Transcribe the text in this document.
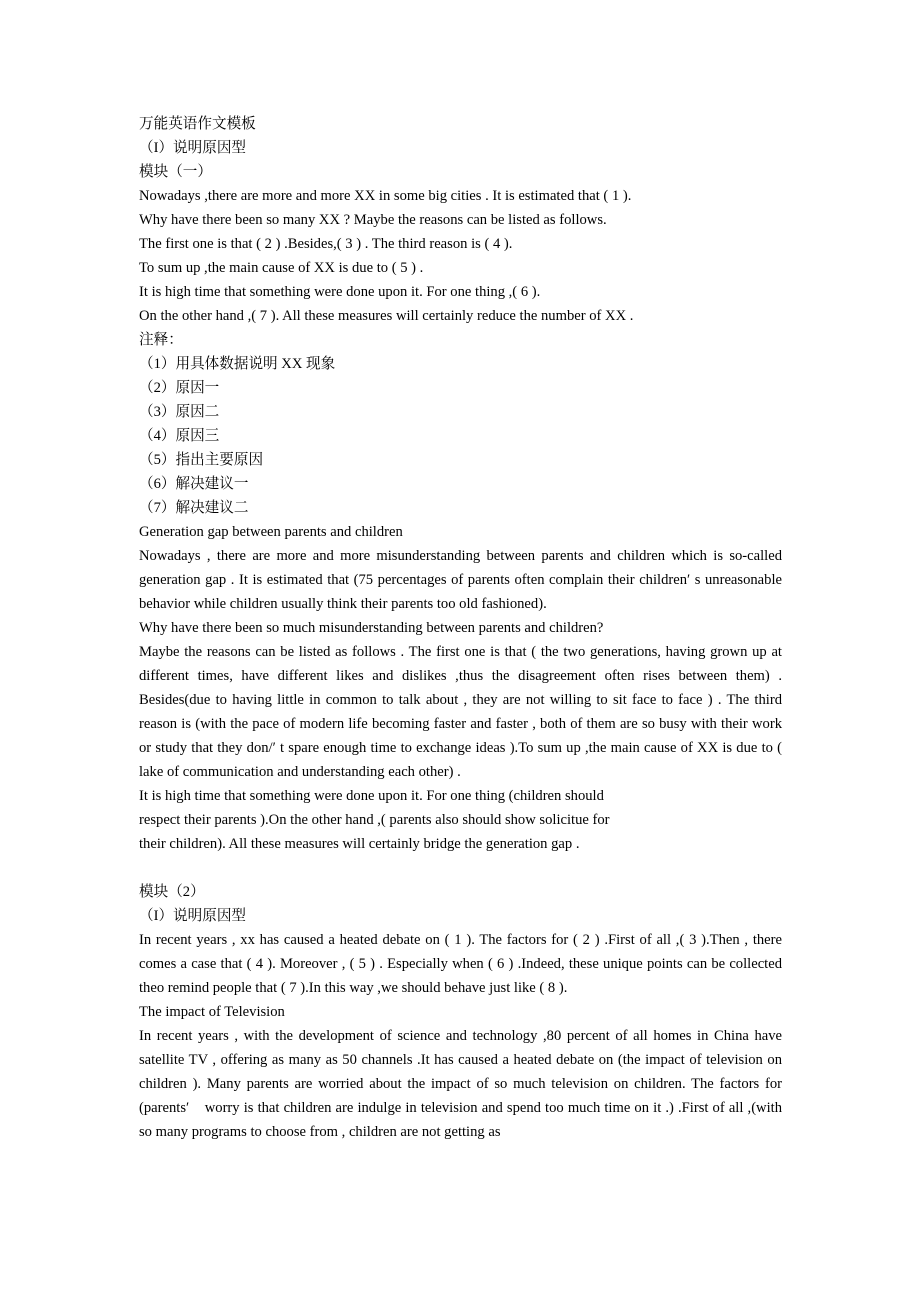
万能英语作文模板

（I）说明原因型

模块（一）

Nowadays ,there are more and more XX in some big cities . It is estimated that ( 1 ).

Why have there been so many XX ? Maybe the reasons can be listed as follows.

The first one is that ( 2 ) .Besides,( 3 ) . The third reason is ( 4 ).

To sum up ,the main cause of XX is due to ( 5 ) .

It is high time that something were done upon it. For one thing ,( 6 ).

On the other hand ,( 7 ). All these measures will certainly reduce the number of XX .

注释：

（1）用具体数据说明 XX 现象

（2）原因一

（3）原因二

（4）原因三

（5）指出主要原因

（6）解决建议一

（7）解决建议二

Generation gap between parents and children

Nowadays , there are more and more misunderstanding between parents and children which is so-called generation gap . It is estimated that (75 percentages of parents often complain their children′ s unreasonable behavior while children usually think their parents too old fashioned).

Why have there been so much misunderstanding between parents and children?

Maybe the reasons can be listed as follows . The first one is that ( the two generations, having grown up at different times, have different likes and dislikes ,thus the disagreement often rises between them) . Besides(due to having little in common to talk about , they are not willing to sit face to face ) . The third reason is (with the pace of modern life becoming faster and faster , both of them are so busy with their work or study that they don/′ t spare enough time to exchange ideas ).To sum up ,the main cause of XX is due to ( lake of communication and understanding each other) .

It is high time that something were done upon it. For one thing (children should

respect their parents ).On the other hand ,( parents also should show solicitue for

their children). All these measures will certainly bridge the generation gap .

模块（2）

（I）说明原因型

In recent years , xx has caused a heated debate on ( 1 ). The factors for ( 2 ) .First of all ,( 3 ).Then , there comes a case that ( 4 ). Moreover , ( 5 ) . Especially when ( 6 ) .Indeed, these unique points can be collected theo remind people that ( 7 ).In this way ,we should behave just like ( 8 ).

The impact of Television

In recent years , with the development of science and technology ,80 percent of all homes in China have satellite TV , offering as many as 50 channels .It has caused a heated debate on (the impact of television on children ). Many parents are worried about the impact of so much television on children. The factors for (parents′　worry is that children are indulge in television and spend too much time on it .) .First of all ,(with so many programs to choose from , children are not getting as
